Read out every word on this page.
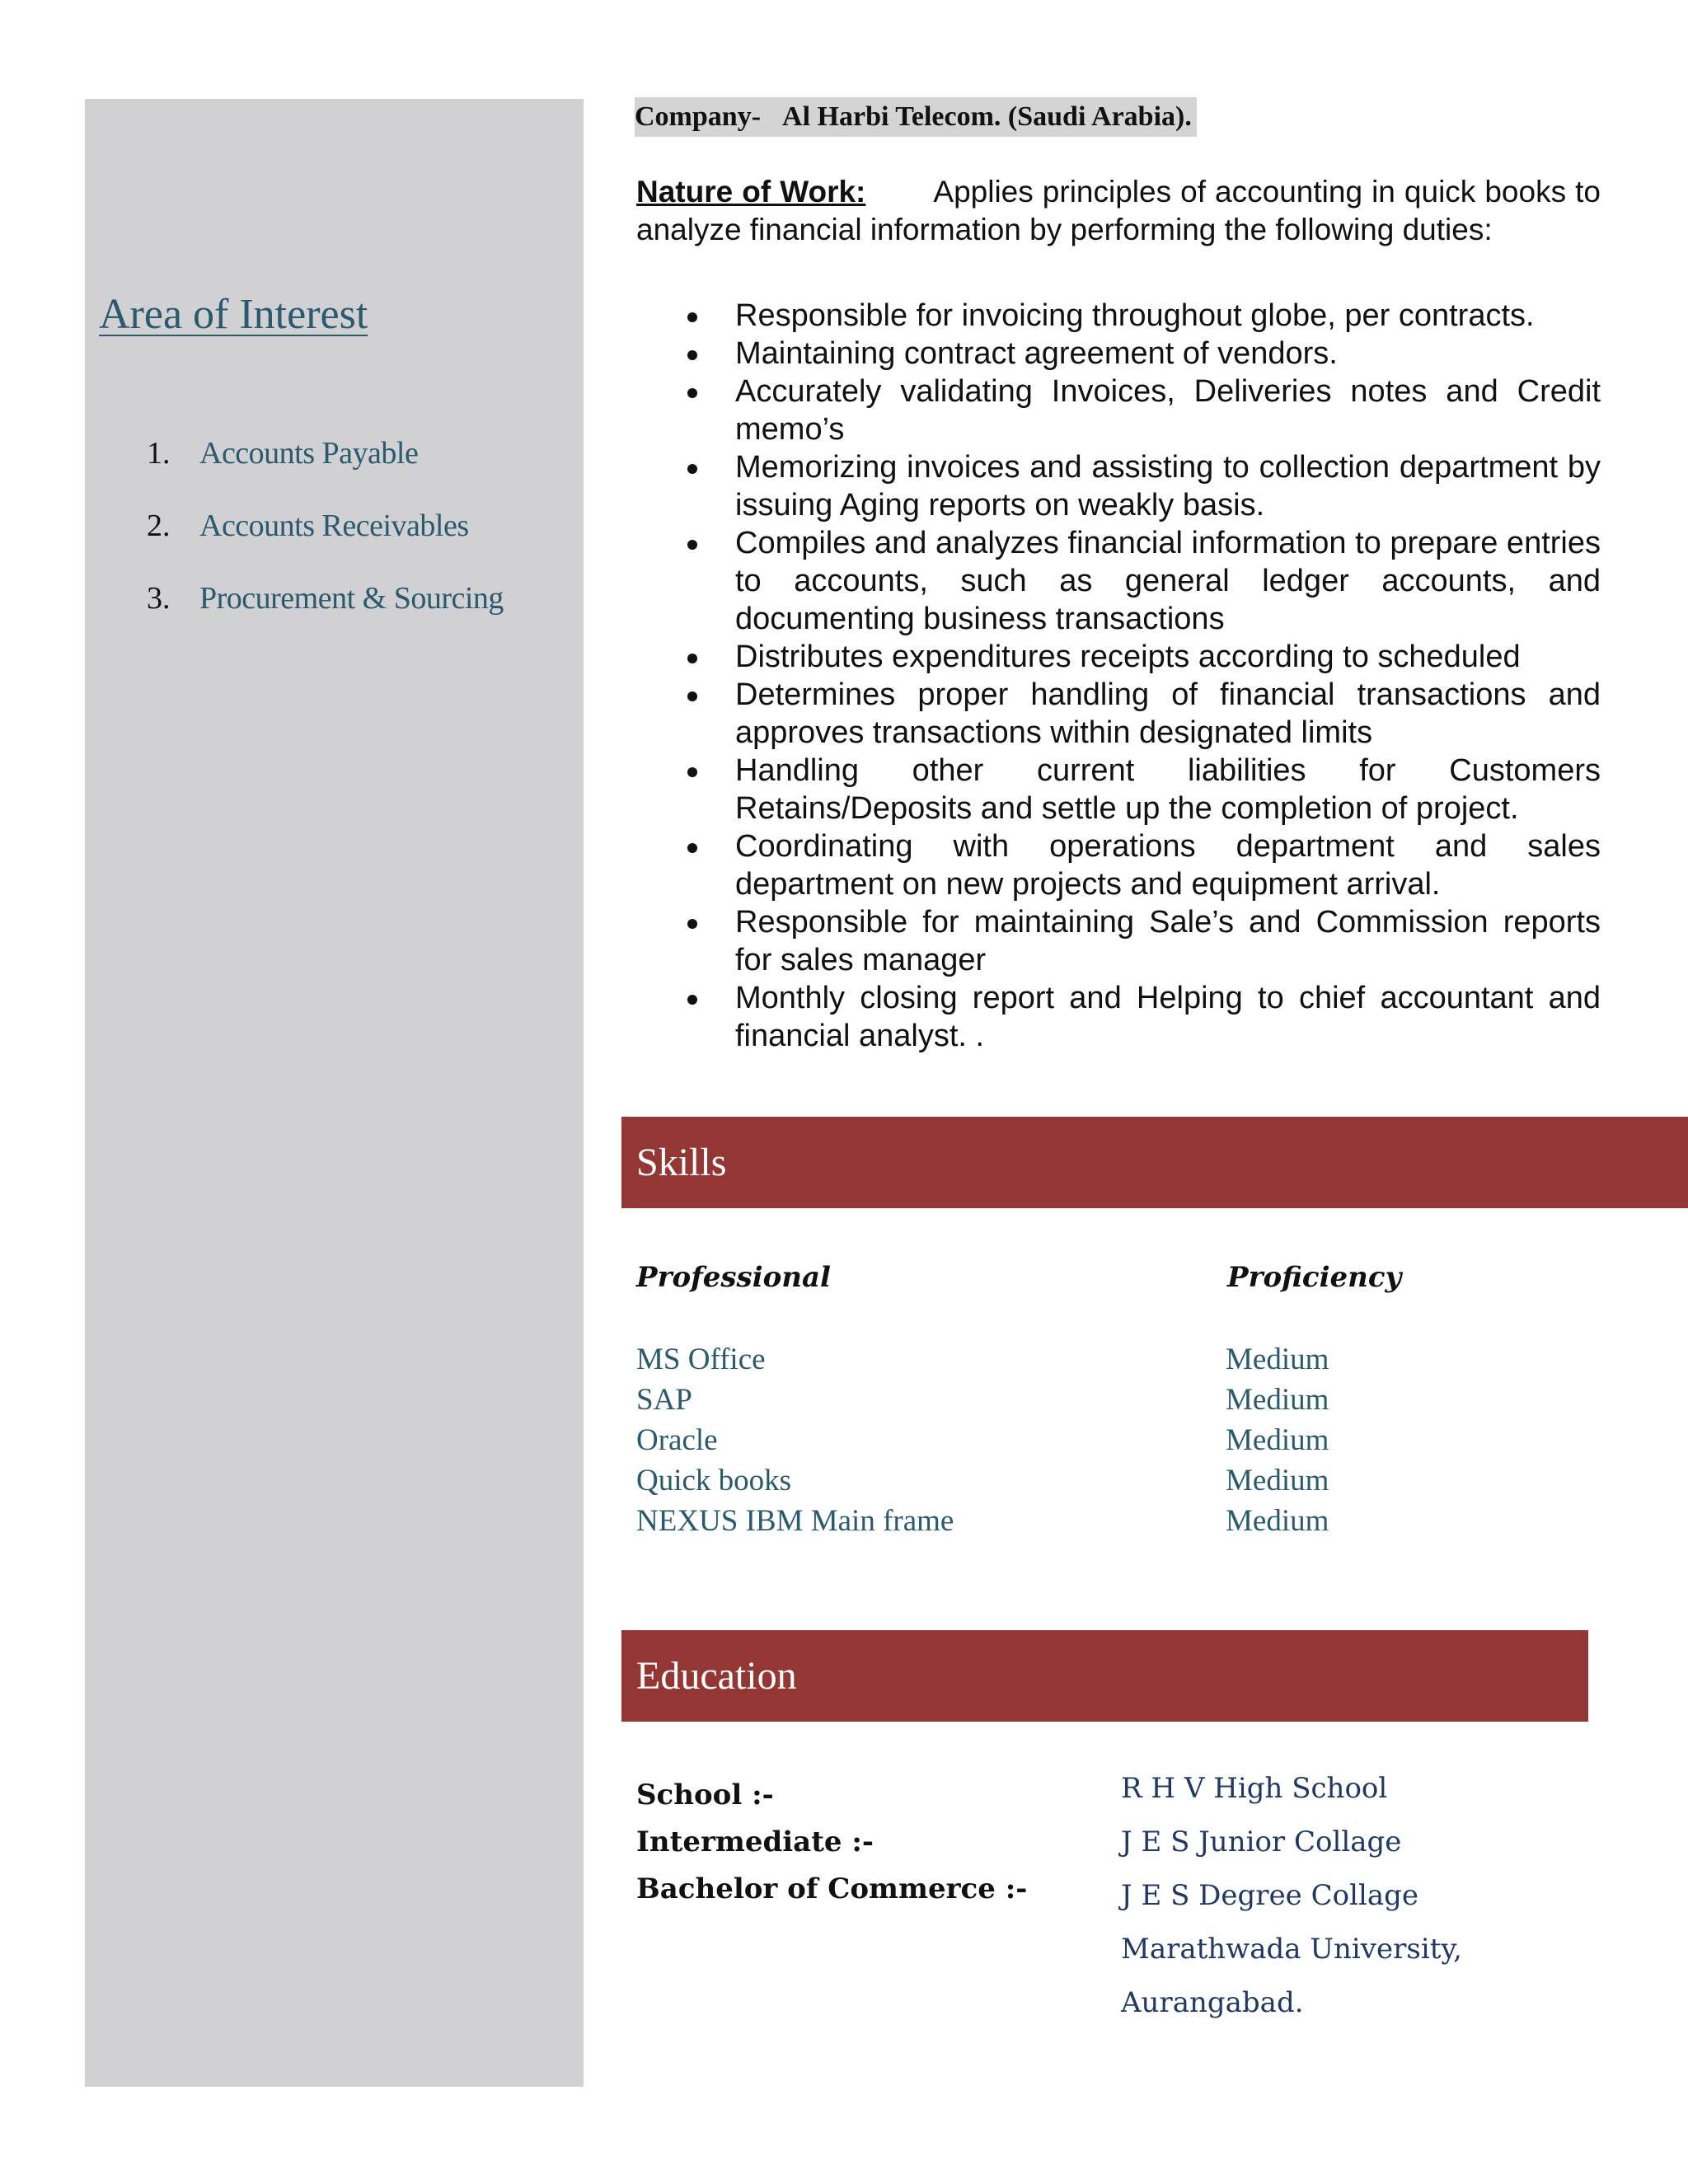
Area of Interest
1. Accounts Payable
2. Accounts Receivables
3. Procurement & Sourcing
Company- Al Harbi Telecom. (Saudi Arabia).
Nature of Work: Applies principles of accounting in quick books to analyze financial information by performing the following duties:
Responsible for invoicing throughout globe, per contracts.
Maintaining contract agreement of vendors.
Accurately validating Invoices, Deliveries notes and Credit memo’s
Memorizing invoices and assisting to collection department by issuing Aging reports on weakly basis.
Compiles and analyzes financial information to prepare entries to accounts, such as general ledger accounts, and documenting business transactions
Distributes expenditures receipts according to scheduled
Determines proper handling of financial transactions and approves transactions within designated limits
Handling other current liabilities for Customers Retains/Deposits and settle up the completion of project.
Coordinating with operations department and sales department on new projects and equipment arrival.
Responsible for maintaining Sale’s and Commission reports for sales manager
Monthly closing report and Helping to chief accountant and financial analyst. .
Skills
Professional	Proficiency
MS Office
SAP
Oracle
Quick books
NEXUS IBM Main frame
Medium
Medium
Medium
Medium
Medium
Education
School :-
Intermediate :-
Bachelor of Commerce :-
R H V High School
J E S Junior Collage
J E S Degree Collage
Marathwada University,
Aurangabad.
